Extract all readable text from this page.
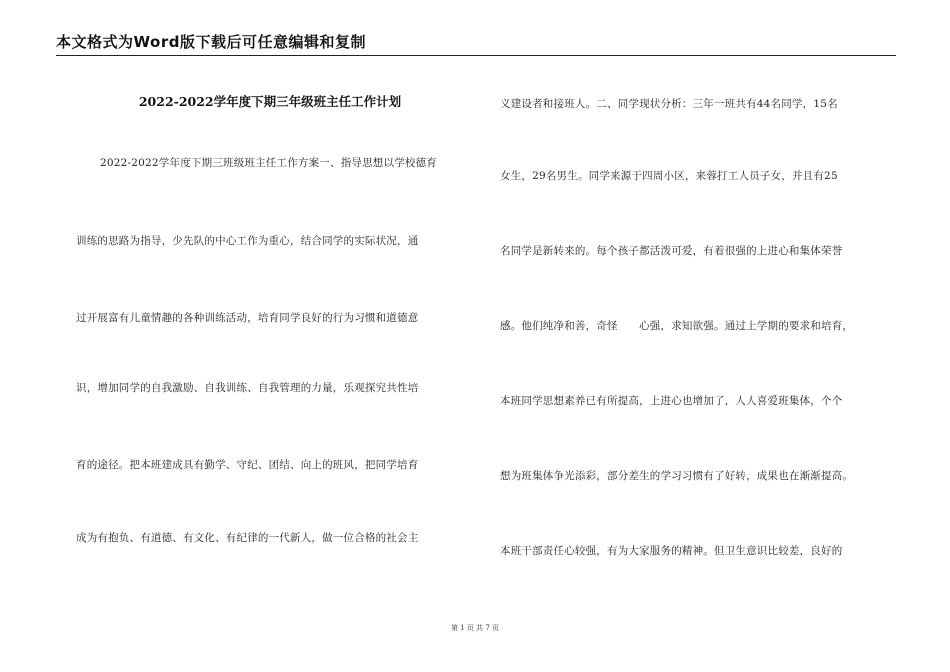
本文格式为Word版下载后可任意编辑和复制
2022-2022学年度下期三年级班主任工作计划
2022-2022学年度下期三班级班主任工作方案一、指导思想以学校德育
训练的思路为指导，少先队的中心工作为重心，结合同学的实际状况，通
过开展富有儿童情趣的各种训练活动，培育同学良好的行为习惯和道德意
识，增加同学的自我激励、自我训练、自我管理的力量，乐观探究共性培
育的途径。把本班建成具有勤学、守纪、团结、向上的班风，把同学培育
成为有抱负、有道德、有文化、有纪律的一代新人，做一位合格的社会主
义建设者和接班人。二、同学现状分析：三年一班共有44名同学，15名
女生，29名男生。同学来源于四周小区，来蓉打工人员子女，并且有25
名同学是新转来的。每个孩子都活泼可爱，有着很强的上进心和集体荣誉
感。他们纯净和善，奇怪　　心强，求知欲强。通过上学期的要求和培育，
本班同学思想素养已有所提高，上进心也增加了，人人喜爱班集体，个个
想为班集体争光添彩，部分差生的学习习惯有了好转，成果也在渐渐提高。
本班干部责任心较强，有为大家服务的精神。但卫生意识比较差，良好的
第 1 页 共 7 页
